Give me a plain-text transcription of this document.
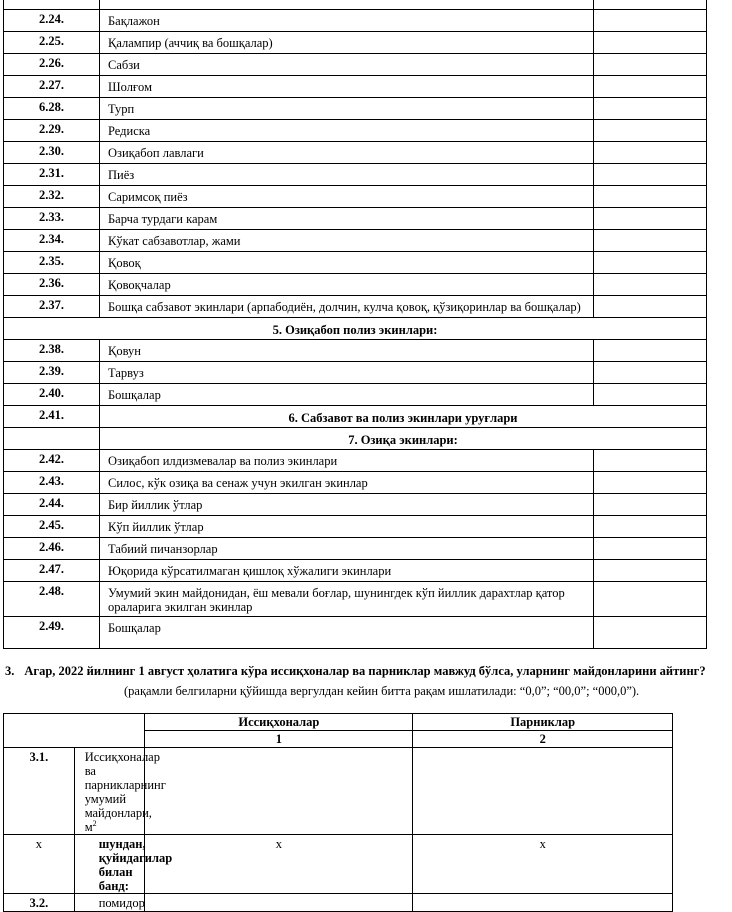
2.24.	Бақлажон	
2.25.	Қалампир (аччиқ ва бошқалар)	
2.26.	Сабзи	
2.27.	Шолғом	
6.28.	Турп	
2.29.	Редиска	
2.30.	Озиқабоп лавлаги	
2.31.	Пиёз	
2.32.	Саримсоқ пиёз	
2.33.	Барча турдаги карам	
2.34.	Кўкат сабзавотлар, жами	
2.35.	Қовоқ	
2.36.	Қовоқчалар	
2.37.	Бошқа сабзавот экинлари (арпабодиён, долчин, кулча қовоқ, қўзиқоринлар ва бошқалар)	
5. Озиқабоп полиз экинлари:		
2.38.	Қовун	
2.39.	Тарвуз	
2.40.	Бошқалар	
2.41.	6. Сабзавот ва полиз экинлари уруғлари	
	7. Озиқа экинлари:	
2.42.	Озиқабоп илдизмевалар ва полиз экинлари	
2.43.	Силос, кўк озиқа ва сенаж учун экилган экинлар	
2.44.	Бир йиллик ўтлар	
2.45.	Кўп йиллик ўтлар	
2.46.	Табиий пичанзорлар	
2.47.	Юқорида кўрсатилмаган қишлоқ хўжалиги экинлари	
2.48.	Умумий экин майдонидан, ёш мевали боғлар, шунингдек кўп йиллик дарахтлар қатор ораларига экилган экинлар	
2.49.	Бошқалар	
3. Агар, 2022 йилнинг 1 август ҳолатига кўра иссиқхоналар ва парниклар мавжуд бўлса, уларнинг майдонларини айтинг?
(рақамли белгиларни қўйишда вергулдан кейин битта рақам ишлатилади: “0,0”; “00,0”; “000,0”).
		Иссиқхоналар	Парниклар
		1	2
3.1.	Иссиқхоналар ва парникларнинг умумий майдонлари, $м^2$		
х	шундан, қуйидагилар билан банд:	х	х
3.2.	помидор		
